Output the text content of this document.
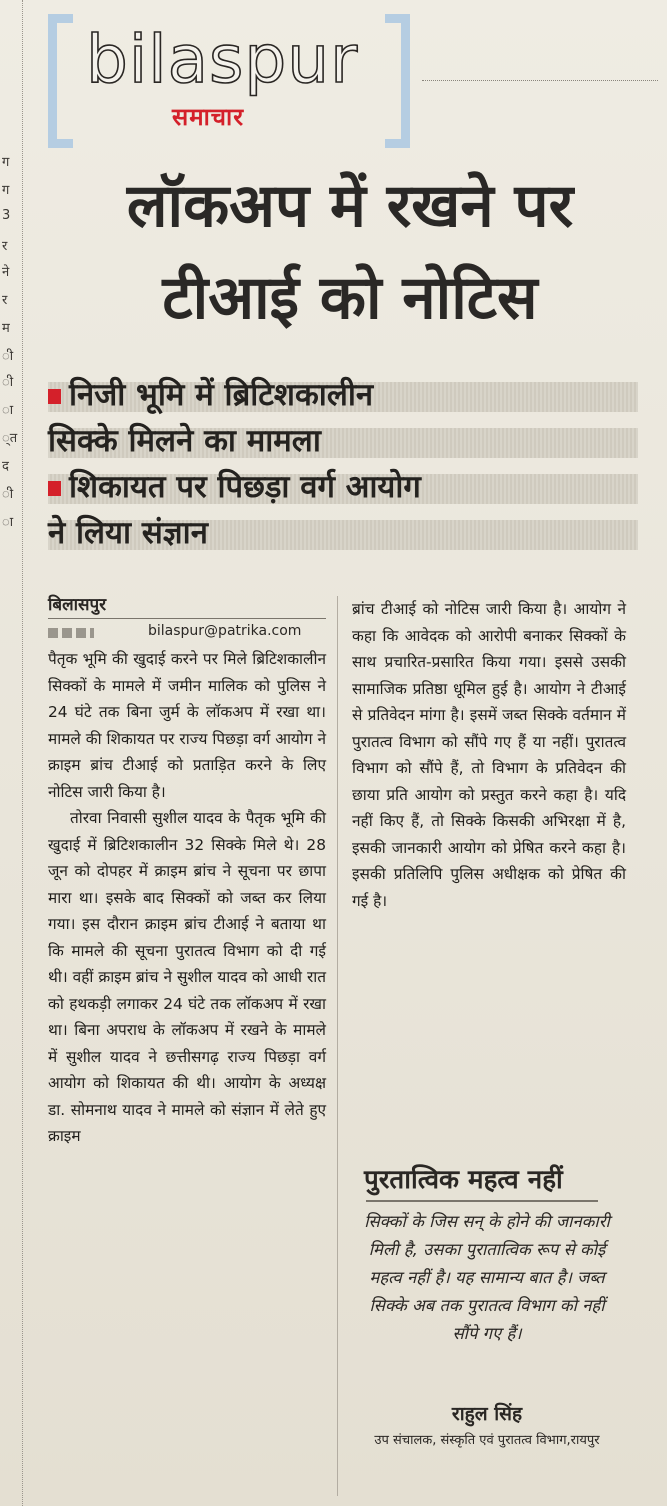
ग
ग
3
र
ने
र
म
ी
ी
ा
्त
द
ी
ा
bilaspur
समाचार
लॉकअप में रखने पर
टीआई को नोटिस
निजी भूमि में ब्रिटिशकालीन
सिक्के मिलने का मामला
शिकायत पर पिछड़ा वर्ग आयोग
ने लिया संज्ञान
बिलासपुर
bilaspur@patrika.com

पैतृक भूमि की खुदाई करने पर मिले ब्रिटिशकालीन सिक्कों के मामले में जमीन मालिक को पुलिस ने 24 घंटे तक बिना जुर्म के लॉकअप में रखा था। मामले की शिकायत पर राज्य पिछड़ा वर्ग आयोग ने क्राइम ब्रांच टीआई को प्रताड़ित करने के लिए नोटिस जारी किया है।

तोरवा निवासी सुशील यादव के पैतृक भूमि की खुदाई में ब्रिटिशकालीन 32 सिक्के मिले थे। 28 जून को दोपहर में क्राइम ब्रांच ने सूचना पर छापा मारा था। इसके बाद सिक्कों को जब्त कर लिया गया। इस दौरान क्राइम ब्रांच टीआई ने बताया था कि मामले की सूचना पुरातत्व विभाग को दी गई थी। वहीं क्राइम ब्रांच ने सुशील यादव को आधी रात को हथकड़ी लगाकर 24 घंटे तक लॉकअप में रखा था। बिना अपराध के लॉकअप में रखने के मामले में सुशील यादव ने छत्तीसगढ़ राज्य पिछड़ा वर्ग आयोग को शिकायत की थी। आयोग के अध्यक्ष डा. सोमनाथ यादव ने मामले को संज्ञान में लेते हुए क्राइम

ब्रांच टीआई को नोटिस जारी किया है। आयोग ने कहा कि आवेदक को आरोपी बनाकर सिक्कों के साथ प्रचारित-प्रसारित किया गया। इससे उसकी सामाजिक प्रतिष्ठा धूमिल हुई है। आयोग ने टीआई से प्रतिवेदन मांगा है। इसमें जब्त सिक्के वर्तमान में पुरातत्व विभाग को सौंपे गए हैं या नहीं। पुरातत्व विभाग को सौंपे हैं, तो विभाग के प्रतिवेदन की छाया प्रति आयोग को प्रस्तुत करने कहा है। यदि नहीं किए हैं, तो सिक्के किसकी अभिरक्षा में है, इसकी जानकारी आयोग को प्रेषित करने कहा है। इसकी प्रतिलिपि पुलिस अधीक्षक को प्रेषित की गई है।

पुरतात्विक महत्व नहीं
सिक्कों के जिस सन् के होने की जानकारी मिली है, उसका पुरातात्विक रूप से कोई महत्व नहीं है। यह सामान्य बात है। जब्त सिक्के अब तक पुरातत्व विभाग को नहीं सौंपे गए हैं।
राहुल सिंह
उप संचालक, संस्कृति एवं पुरातत्व विभाग,रायपुर
